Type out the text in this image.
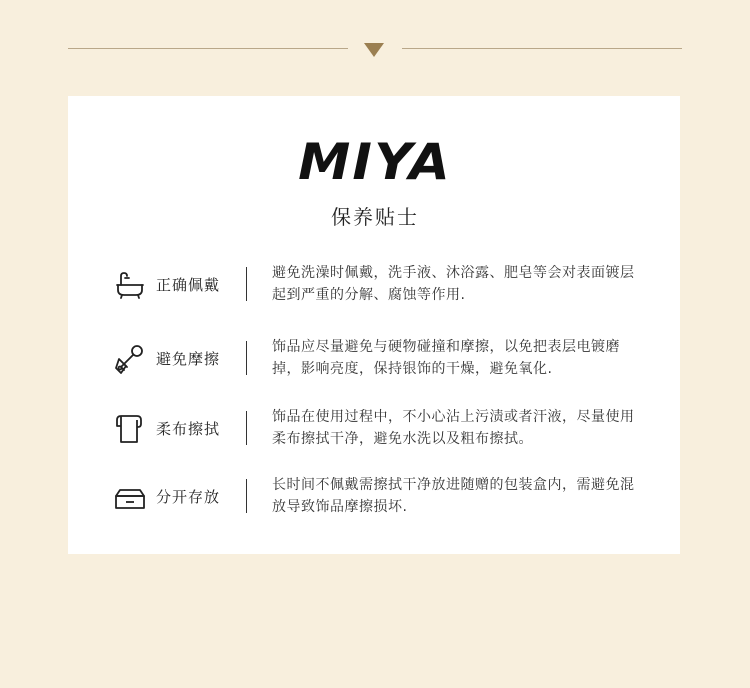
MIYA
保养贴士
正确佩戴
避免洗澡时佩戴，洗手液、沐浴露、肥皂等会对表面镀层起到严重的分解、腐蚀等作用.
避免摩擦
饰品应尽量避免与硬物碰撞和摩擦，以免把表层电镀磨掉，影响亮度，保持银饰的干燥，避免氧化.
柔布擦拭
饰品在使用过程中，不小心沾上污渍或者汗液，尽量使用柔布擦拭干净，避免水洗以及粗布擦拭。
分开存放
长时间不佩戴需擦拭干净放进随赠的包装盒内，需避免混放导致饰品摩擦损坏.
